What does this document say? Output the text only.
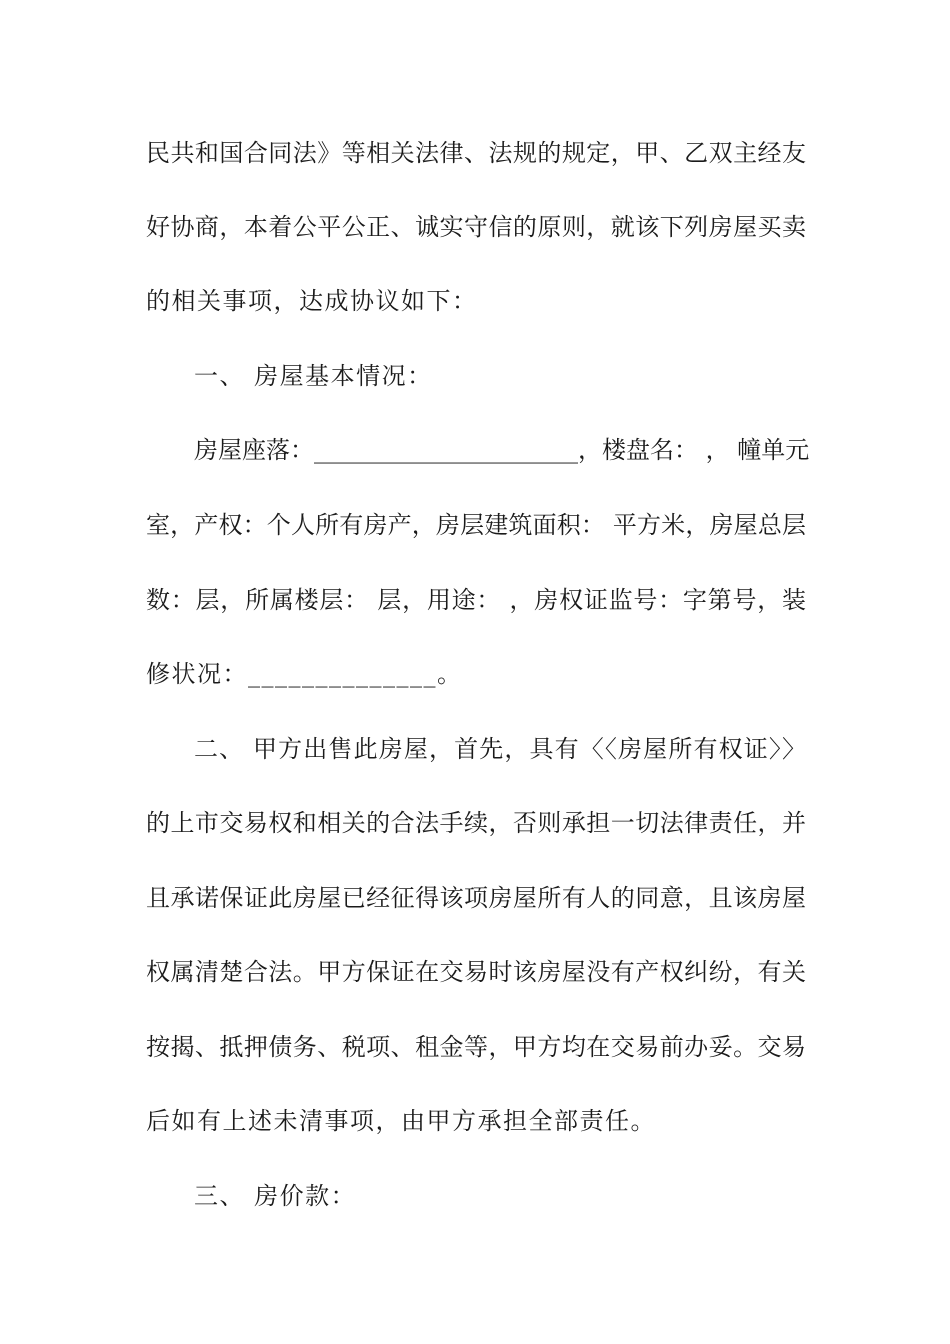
民共和国合同法》等相关法律、法规的规定，甲、乙双主经友
好协商，本着公平公正、诚实守信的原则，就该下列房屋买卖
的相关事项，达成协议如下：
一、 房屋基本情况：
房屋座落：______________________，楼盘名： ， 幢单元
室，产权：个人所有房产，房层建筑面积： 平方米，房屋总层
数：层，所属楼层： 层，用途： ，房权证监号：字第号，装
修状况：______________。
二、 甲方出售此房屋，首先，具有〈〈房屋所有权证〉〉
的上市交易权和相关的合法手续，否则承担一切法律责任，并
且承诺保证此房屋已经征得该项房屋所有人的同意，且该房屋
权属清楚合法。甲方保证在交易时该房屋没有产权纠纷，有关
按揭、抵押债务、税项、租金等，甲方均在交易前办妥。交易
后如有上述未清事项，由甲方承担全部责任。
三、 房价款：
